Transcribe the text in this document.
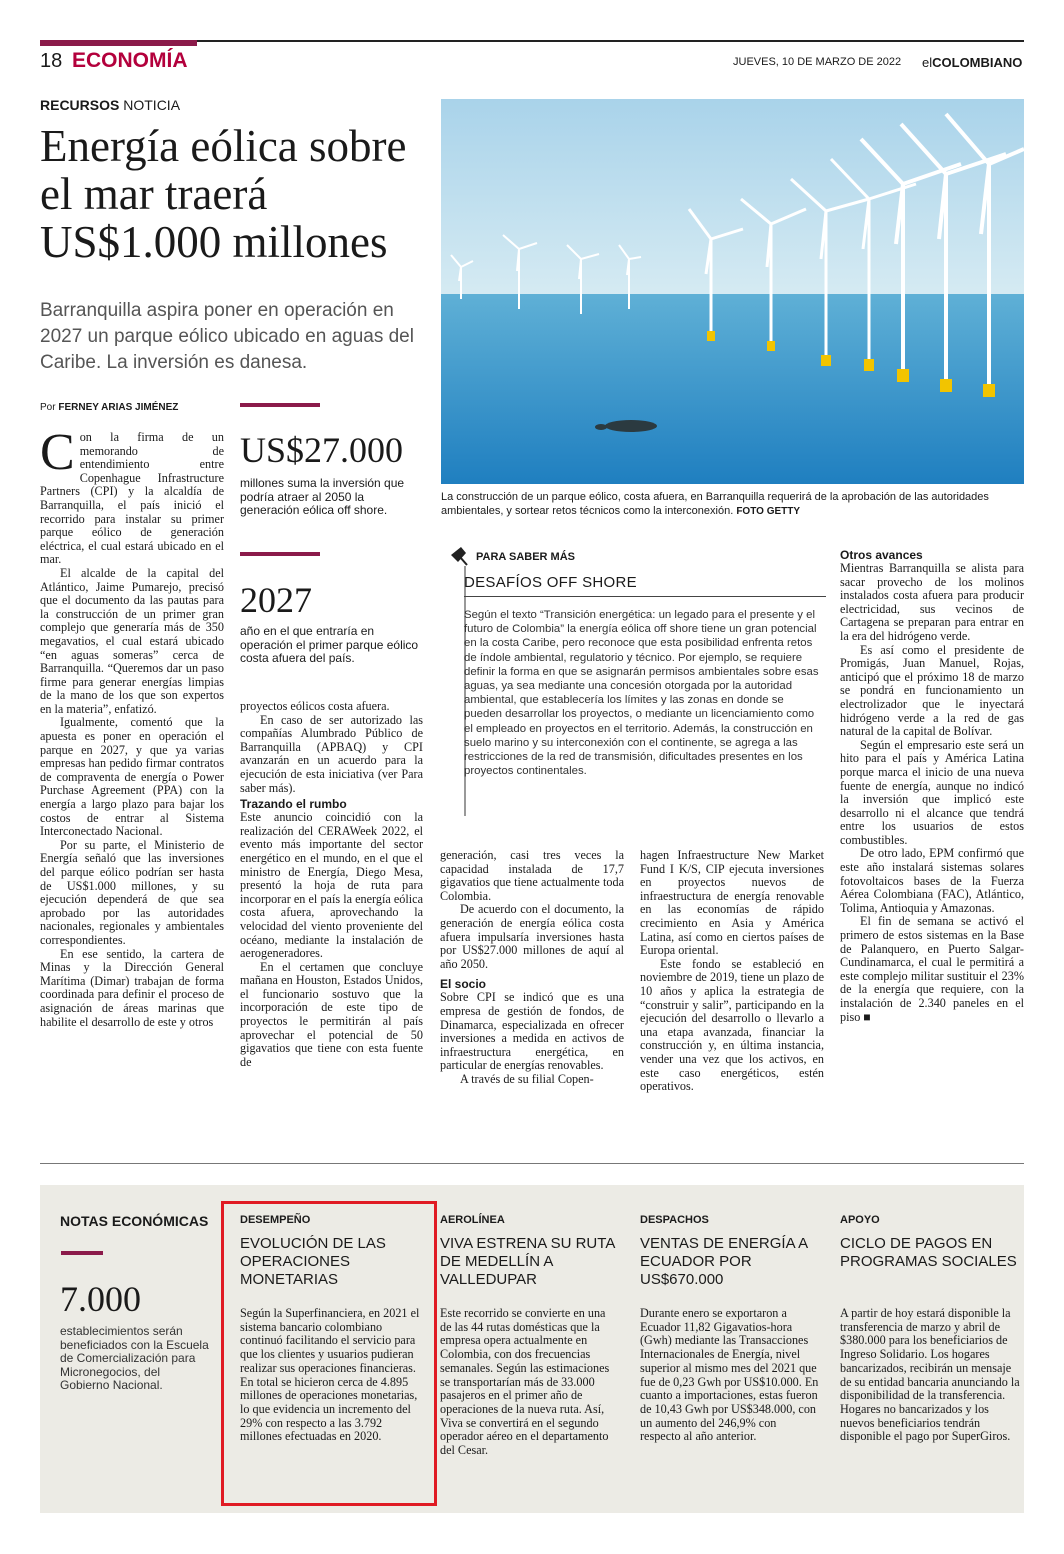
18 ECONOMÍA	JUEVES, 10 DE MARZO DE 2022 elCOLOMBIANO
RECURSOS NOTICIA
Energía eólica sobre el mar traerá US$1.000 millones
Barranquilla aspira poner en operación en 2027 un parque eólico ubicado en aguas del Caribe. La inversión es danesa.
Por FERNEY ARIAS JIMÉNEZ
La construcción de un parque eólico, costa afuera, en Barranquilla requerirá de la aprobación de las autoridades ambientales, y sortear retos técnicos como la interconexión. FOTO GETTY

Con la firma de un memorando de entendimiento entre Copenhague Infrastructure Partners (CPI) y la alcaldía de Barranquilla, el país inició el recorrido para instalar su primer parque eólico de generación eléctrica, el cual estará ubicado en el mar.

El alcalde de la capital del Atlántico, Jaime Pumarejo, precisó que el documento da las pautas para la construcción de un primer gran complejo que generaría más de 350 megavatios, el cual estará ubicado “en aguas someras” cerca de Barranquilla. “Queremos dar un paso firme para generar energías limpias de la mano de los que son expertos en la materia”, enfatizó.

Igualmente, comentó que la apuesta es poner en operación el parque en 2027, y que ya varias empresas han pedido firmar contratos de compraventa de energía o Power Purchase Agreement (PPA) con la energía a largo plazo para bajar los costos de entrar al Sistema Interconectado Nacional.

Por su parte, el Ministerio de Energía señaló que las inversiones del parque eólico podrían ser hasta de US$1.000 millones, y su ejecución dependerá de que sea aprobado por las autoridades nacionales, regionales y ambientales correspondientes.

En ese sentido, la cartera de Minas y la Dirección General Marítima (Dimar) trabajan de forma coordinada para definir el proceso de asignación de áreas marinas que habilite el desarrollo de este y otros

US$27.000
millones suma la inversión que podría atraer al 2050 la generación eólica off shore.
2027
año en el que entraría en operación el primer parque eólico costa afuera del país.

proyectos eólicos costa afuera.

En caso de ser autorizado las compañías Alumbrado Público de Barranquilla (APBAQ) y CPI avanzarán en un acuerdo para la ejecución de esta iniciativa (ver Para saber más).

Trazando el rumbo

Este anuncio coincidió con la realización del CERAWeek 2022, el evento más importante del sector energético en el mundo, en el que el ministro de Energía, Diego Mesa, presentó la hoja de ruta para incorporar en el país la energía eólica costa afuera, aprovechando la velocidad del viento proveniente del océano, mediante la instalación de aerogeneradores.

En el certamen que concluye mañana en Houston, Estados Unidos, el funcionario sostuvo que la incorporación de este tipo de proyectos le permitirán al país aprovechar el potencial de 50 gigavatios que tiene con esta fuente de

PARA SABER MÁS
DESAFÍOS OFF SHORE
Según el texto “Transición energética: un legado para el presente y el futuro de Colombia” la energía eólica off shore tiene un gran potencial en la costa Caribe, pero reconoce que esta posibilidad enfrenta retos de índole ambiental, regulatorio y técnico. Por ejemplo, se requiere definir la forma en que se asignarán permisos ambientales sobre esas aguas, ya sea mediante una concesión otorgada por la autoridad ambiental, que establecería los límites y las zonas en donde se pueden desarrollar los proyectos, o mediante un licenciamiento como el empleado en proyectos en el territorio. Además, la construcción en suelo marino y su interconexión con el continente, se agrega a las restricciones de la red de transmisión, dificultades presentes en los proyectos continentales.

generación, casi tres veces la capacidad instalada de 17,7 gigavatios que tiene actualmente toda Colombia.

De acuerdo con el documento, la generación de energía eólica costa afuera impulsaría inversiones hasta por US$27.000 millones de aquí al año 2050.

El socio

Sobre CPI se indicó que es una empresa de gestión de fondos, de Dinamarca, especializada en ofrecer inversiones a medida en activos de infraestructura energética, en particular de energías renovables.

A través de su filial Copen-

hagen Infraestructure New Market Fund I K/S, CIP ejecuta inversiones en proyectos nuevos de infraestructura de energía renovable en las economías de rápido crecimiento en Asia y América Latina, así como en ciertos países de Europa oriental.

Este fondo se estableció en noviembre de 2019, tiene un plazo de 10 años y aplica la estrategia de “construir y salir”, participando en la ejecución del desarrollo o llevarlo a una etapa avanzada, financiar la construcción y, en última instancia, vender una vez que los activos, en este caso energéticos, estén operativos.

Otros avances

Mientras Barranquilla se alista para sacar provecho de los molinos instalados costa afuera para producir electricidad, sus vecinos de Cartagena se preparan para entrar en la era del hidrógeno verde.

Es así como el presidente de Promigás, Juan Manuel, Rojas, anticipó que el próximo 18 de marzo se pondrá en funcionamiento un electrolizador que le inyectará hidrógeno verde a la red de gas natural de la capital de Bolívar.

Según el empresario este será un hito para el país y América Latina porque marca el inicio de una nueva fuente de energía, aunque no indicó la inversión que implicó este desarrollo ni el alcance que tendrá entre los usuarios de estos combustibles.

De otro lado, EPM confirmó que este año instalará sistemas solares fotovoltaicos bases de la Fuerza Aérea Colombiana (FAC), Atlántico, Tolima, Antioquia y Amazonas.

El fin de semana se activó el primero de estos sistemas en la Base de Palanquero, en Puerto Salgar-Cundinamarca, el cual le permitirá a este complejo militar sustituir el 23% de la energía que requiere, con la instalación de 2.340 paneles en el piso ■

NOTAS ECONÓMICAS
7.000
establecimientos serán beneficiados con la Escuela de Comercialización para Micronegocios, del Gobierno Nacional.
DESEMPEÑO
EVOLUCIÓN DE LAS OPERACIONES MONETARIAS
Según la Superfinanciera, en 2021 el sistema bancario colombiano continuó facilitando el servicio para que los clientes y usuarios pudieran realizar sus operaciones financieras. En total se hicieron cerca de 4.895 millones de operaciones monetarias, lo que evidencia un incremento del 29% con respecto a las 3.792 millones efectuadas en 2020.
AEROLÍNEA
VIVA ESTRENA SU RUTA DE MEDELLÍN A VALLEDUPAR
Este recorrido se convierte en una de las 44 rutas domésticas que la empresa opera actualmente en Colombia, con dos frecuencias semanales. Según las estimaciones se transportarían más de 33.000 pasajeros en el primer año de operaciones de la nueva ruta. Así, Viva se convertirá en el segundo operador aéreo en el departamento del Cesar.
DESPACHOS
VENTAS DE ENERGÍA A ECUADOR POR US$670.000
Durante enero se exportaron a Ecuador 11,82 Gigavatios-hora (Gwh) mediante las Transacciones Internacionales de Energía, nivel superior al mismo mes del 2021 que fue de 0,23 Gwh por US$10.000. En cuanto a importaciones, estas fueron de 10,43 Gwh por US$348.000, con un aumento del 246,9% con respecto al año anterior.
APOYO
CICLO DE PAGOS EN PROGRAMAS SOCIALES
A partir de hoy estará disponible la transferencia de marzo y abril de $380.000 para los beneficiarios de Ingreso Solidario. Los hogares bancarizados, recibirán un mensaje de su entidad bancaria anunciando la disponibilidad de la transferencia. Hogares no bancarizados y los nuevos beneficiarios tendrán disponible el pago por SuperGiros.
